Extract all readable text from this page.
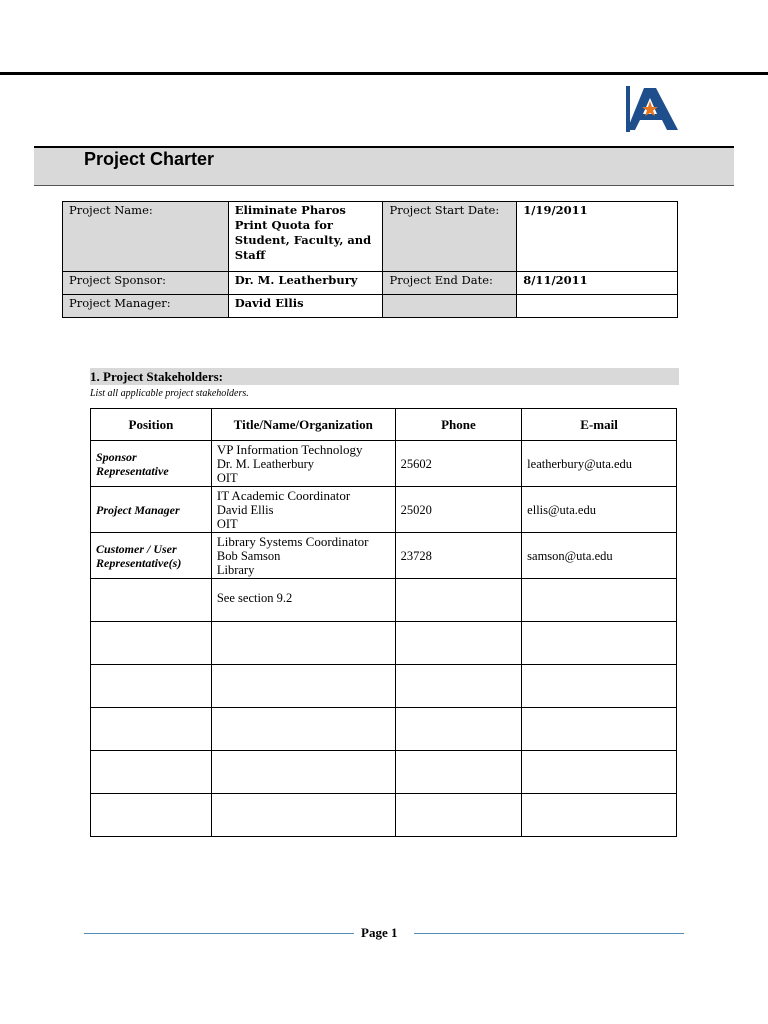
Project Charter
Project Name:	Eliminate Pharos Print Quota for Student, Faculty, and Staff	Project Start Date:	1/19/2011
Project Sponsor:	Dr. M. Leatherbury	Project End Date:	8/11/2011
Project Manager:	David Ellis		
1. Project Stakeholders:
List all applicable project stakeholders.
Position	Title/Name/Organization	Phone	E-mail
Sponsor Representative	VP Information Technology
Dr. M. Leatherbury
OIT	25602	leatherbury@uta.edu
Project Manager	IT Academic Coordinator
David Ellis
OIT	25020	ellis@uta.edu
Customer / User Representative(s)	Library Systems Coordinator
Bob Samson
Library	23728	samson@uta.edu

	See section 9.2		

Page 1
